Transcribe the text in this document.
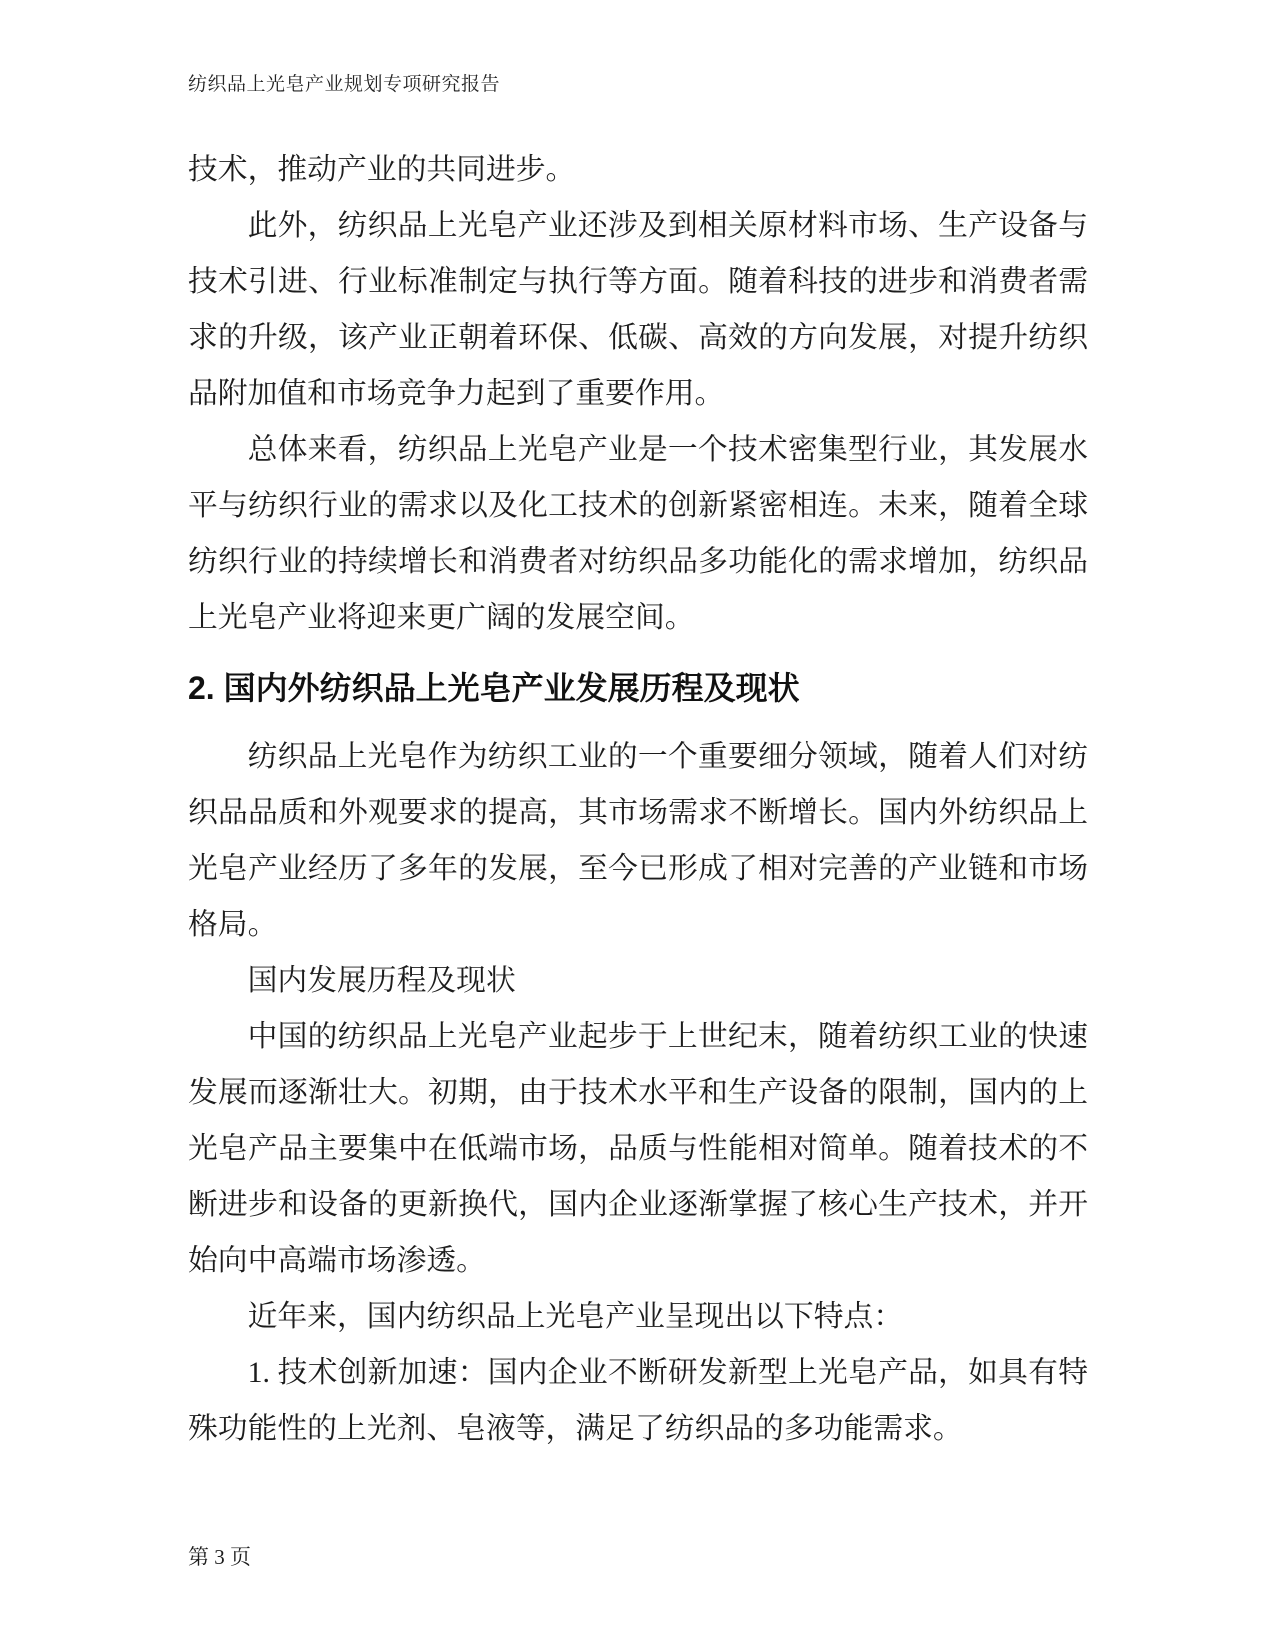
纺织品上光皂产业规划专项研究报告

技术，推动产业的共同进步。

此外，纺织品上光皂产业还涉及到相关原材料市场、生产设备与技术引进、行业标准制定与执行等方面。随着科技的进步和消费者需求的升级，该产业正朝着环保、低碳、高效的方向发展，对提升纺织品附加值和市场竞争力起到了重要作用。

总体来看，纺织品上光皂产业是一个技术密集型行业，其发展水平与纺织行业的需求以及化工技术的创新紧密相连。未来，随着全球纺织行业的持续增长和消费者对纺织品多功能化的需求增加，纺织品上光皂产业将迎来更广阔的发展空间。

2. 国内外纺织品上光皂产业发展历程及现状

纺织品上光皂作为纺织工业的一个重要细分领域，随着人们对纺织品品质和外观要求的提高，其市场需求不断增长。国内外纺织品上光皂产业经历了多年的发展，至今已形成了相对完善的产业链和市场格局。

国内发展历程及现状

中国的纺织品上光皂产业起步于上世纪末，随着纺织工业的快速发展而逐渐壮大。初期，由于技术水平和生产设备的限制，国内的上光皂产品主要集中在低端市场，品质与性能相对简单。随着技术的不断进步和设备的更新换代，国内企业逐渐掌握了核心生产技术，并开始向中高端市场渗透。

近年来，国内纺织品上光皂产业呈现出以下特点：

1. 技术创新加速：国内企业不断研发新型上光皂产品，如具有特殊功能性的上光剂、皂液等，满足了纺织品的多功能需求。

第 3 页
